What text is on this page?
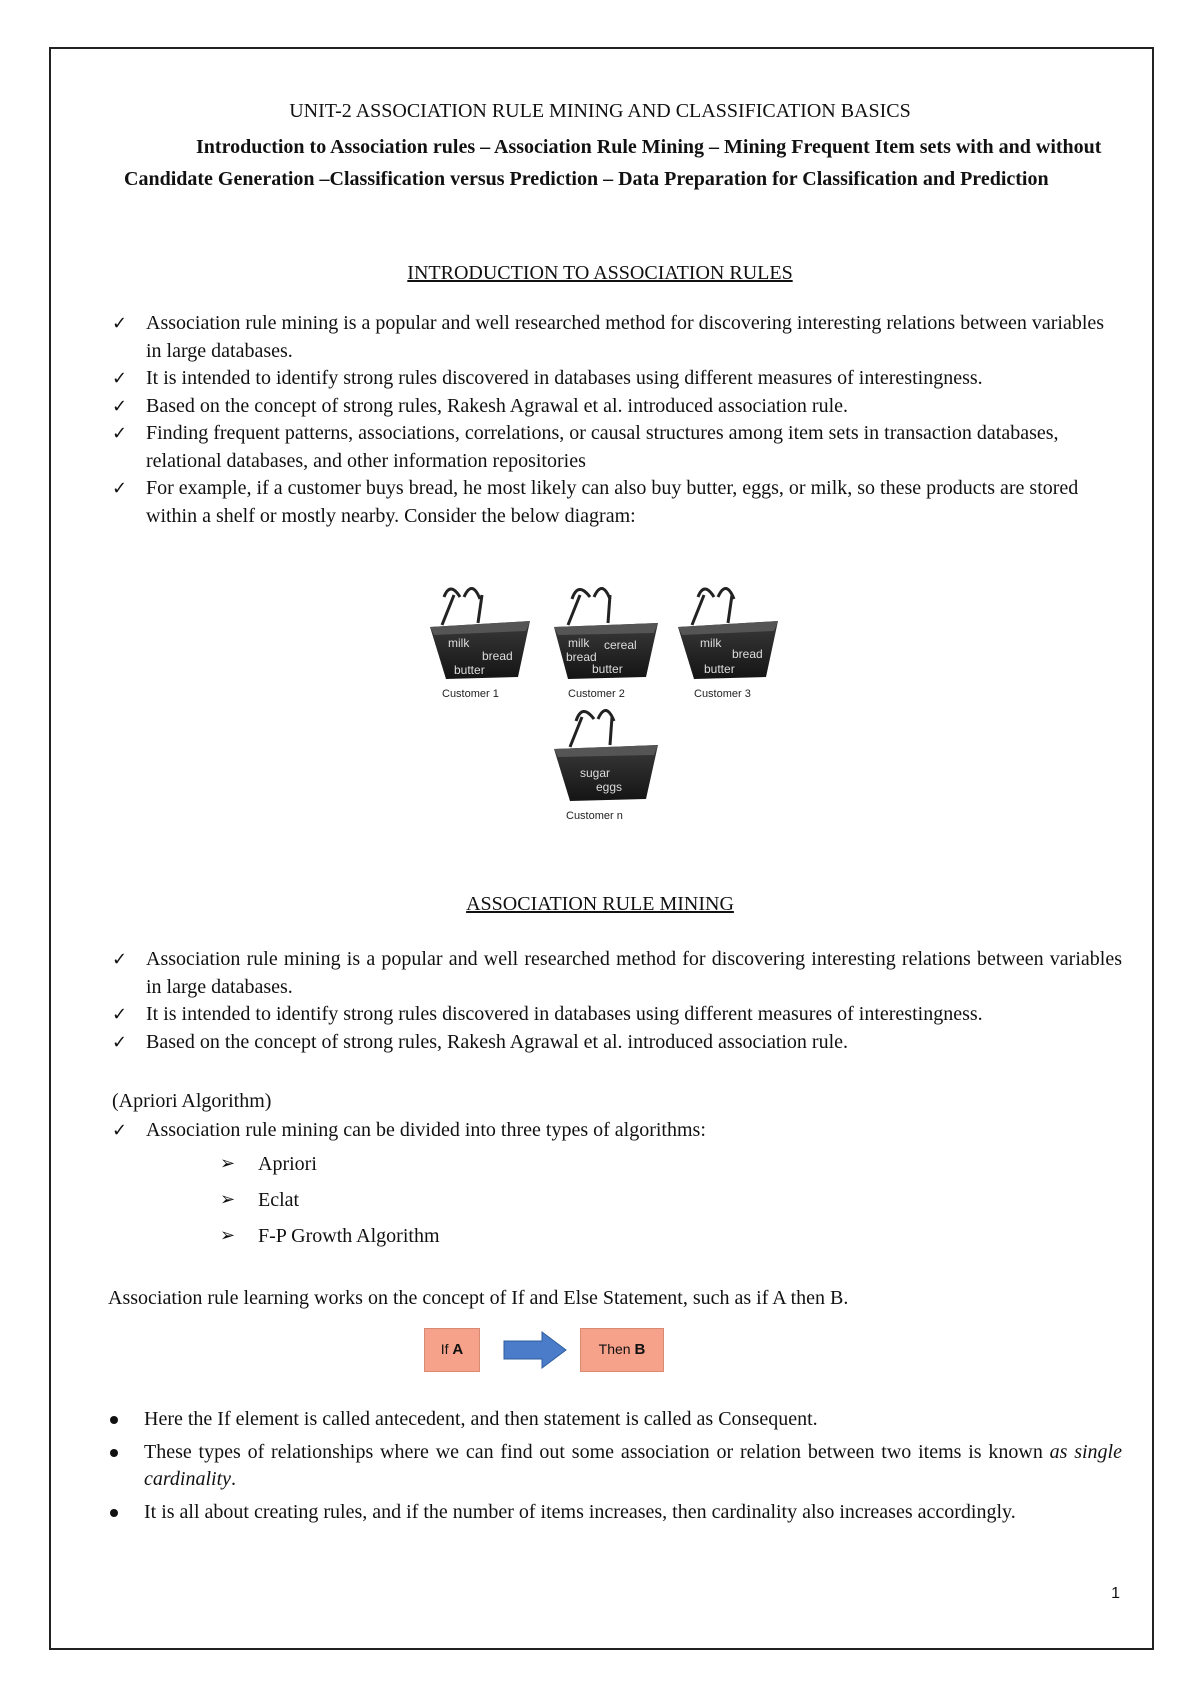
UNIT-2 ASSOCIATION RULE MINING AND CLASSIFICATION BASICS
Introduction to Association rules – Association Rule Mining – Mining Frequent Item sets with and without Candidate Generation –Classification versus Prediction – Data Preparation for Classification and Prediction
INTRODUCTION TO ASSOCIATION RULES
✓ Association rule mining is a popular and well researched method for discovering interesting relations between variables in large databases.
✓ It is intended to identify strong rules discovered in databases using different measures of interestingness.
✓ Based on the concept of strong rules, Rakesh Agrawal et al. introduced association rule.
✓ Finding frequent patterns, associations, correlations, or causal structures among item sets in transaction databases, relational databases, and other information repositories
✓ For example, if a customer buys bread, he most likely can also buy butter, eggs, or milk, so these products are stored within a shelf or mostly nearby. Consider the below diagram:
milk
bread
butter
Customer 1
milk cereal
bread
butter
Customer 2
milk
bread
butter
Customer 3
sugar
eggs
Customer n
ASSOCIATION RULE MINING
✓ Association rule mining is a popular and well researched method for discovering interesting relations between variables in large databases.
✓ It is intended to identify strong rules discovered in databases using different measures of interestingness.
✓ Based on the concept of strong rules, Rakesh Agrawal et al. introduced association rule.
(Apriori Algorithm)
✓ Association rule mining can be divided into three types of algorithms:
➢ Apriori
➢ Eclat
➢ F-P Growth Algorithm
Association rule learning works on the concept of If and Else Statement, such as if A then B.
If A	Then B
Here the If element is called antecedent, and then statement is called as Consequent.
These types of relationships where we can find out some association or relation between two items is known as single cardinality.
It is all about creating rules, and if the number of items increases, then cardinality also increases accordingly.
1
